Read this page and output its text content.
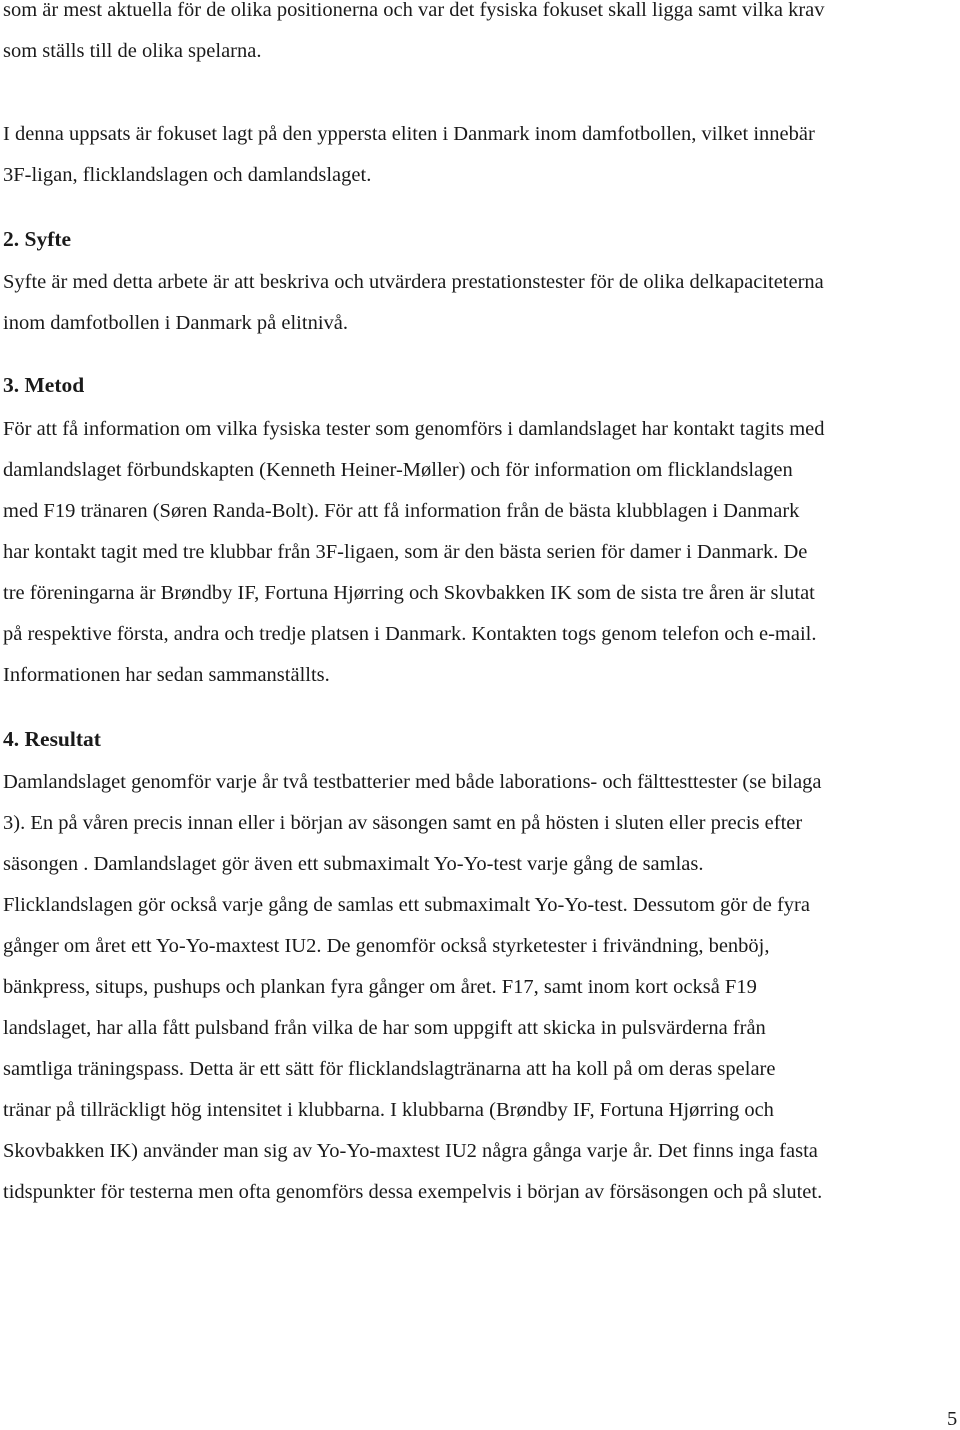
som är mest aktuella för de olika positionerna och var det fysiska fokuset skall ligga samt vilka krav
som ställs till de olika spelarna.
I denna uppsats är fokuset lagt på den yppersta eliten i Danmark inom damfotbollen, vilket innebär
3F-ligan, flicklandslagen och damlandslaget.
2. Syfte
Syfte är med detta arbete är att beskriva och utvärdera prestationstester för de olika delkapaciteterna
inom damfotbollen i Danmark på elitnivå.
3. Metod
För att få information om vilka fysiska tester som genomförs i damlandslaget har kontakt tagits med
damlandslaget förbundskapten (Kenneth Heiner-Møller) och för information om flicklandslagen
med F19 tränaren (Søren Randa-Bolt). För att få information från de bästa klubblagen i Danmark
har kontakt tagit med tre klubbar från 3F-ligaen, som är den bästa serien för damer i Danmark. De
tre föreningarna är Brøndby IF, Fortuna Hjørring och Skovbakken IK som de sista tre åren är slutat
på respektive första, andra och tredje platsen i Danmark. Kontakten togs genom telefon och e-mail.
Informationen har sedan sammanställts.
4. Resultat
Damlandslaget genomför varje år två testbatterier med både laborations- och fälttesttester (se bilaga
3). En på våren precis innan eller i början av säsongen samt en på hösten i sluten eller precis efter
säsongen . Damlandslaget gör även ett submaximalt Yo-Yo-test varje gång de samlas.
Flicklandslagen gör också varje gång de samlas ett submaximalt Yo-Yo-test. Dessutom gör de fyra
gånger om året ett Yo-Yo-maxtest IU2. De genomför också styrketester i frivändning, benböj,
bänkpress, situps, pushups och plankan fyra gånger om året. F17, samt inom kort också F19
landslaget, har alla fått pulsband från vilka de har som uppgift att skicka in pulsvärderna från
samtliga träningspass. Detta är ett sätt för flicklandslagtränarna att ha koll på om deras spelare
tränar på tillräckligt hög intensitet i klubbarna. I klubbarna (Brøndby IF, Fortuna Hjørring och
Skovbakken IK) använder man sig av Yo-Yo-maxtest IU2 några gånga varje år. Det finns inga fasta
tidspunkter för testerna men ofta genomförs dessa exempelvis i början av försäsongen och på slutet.
5
